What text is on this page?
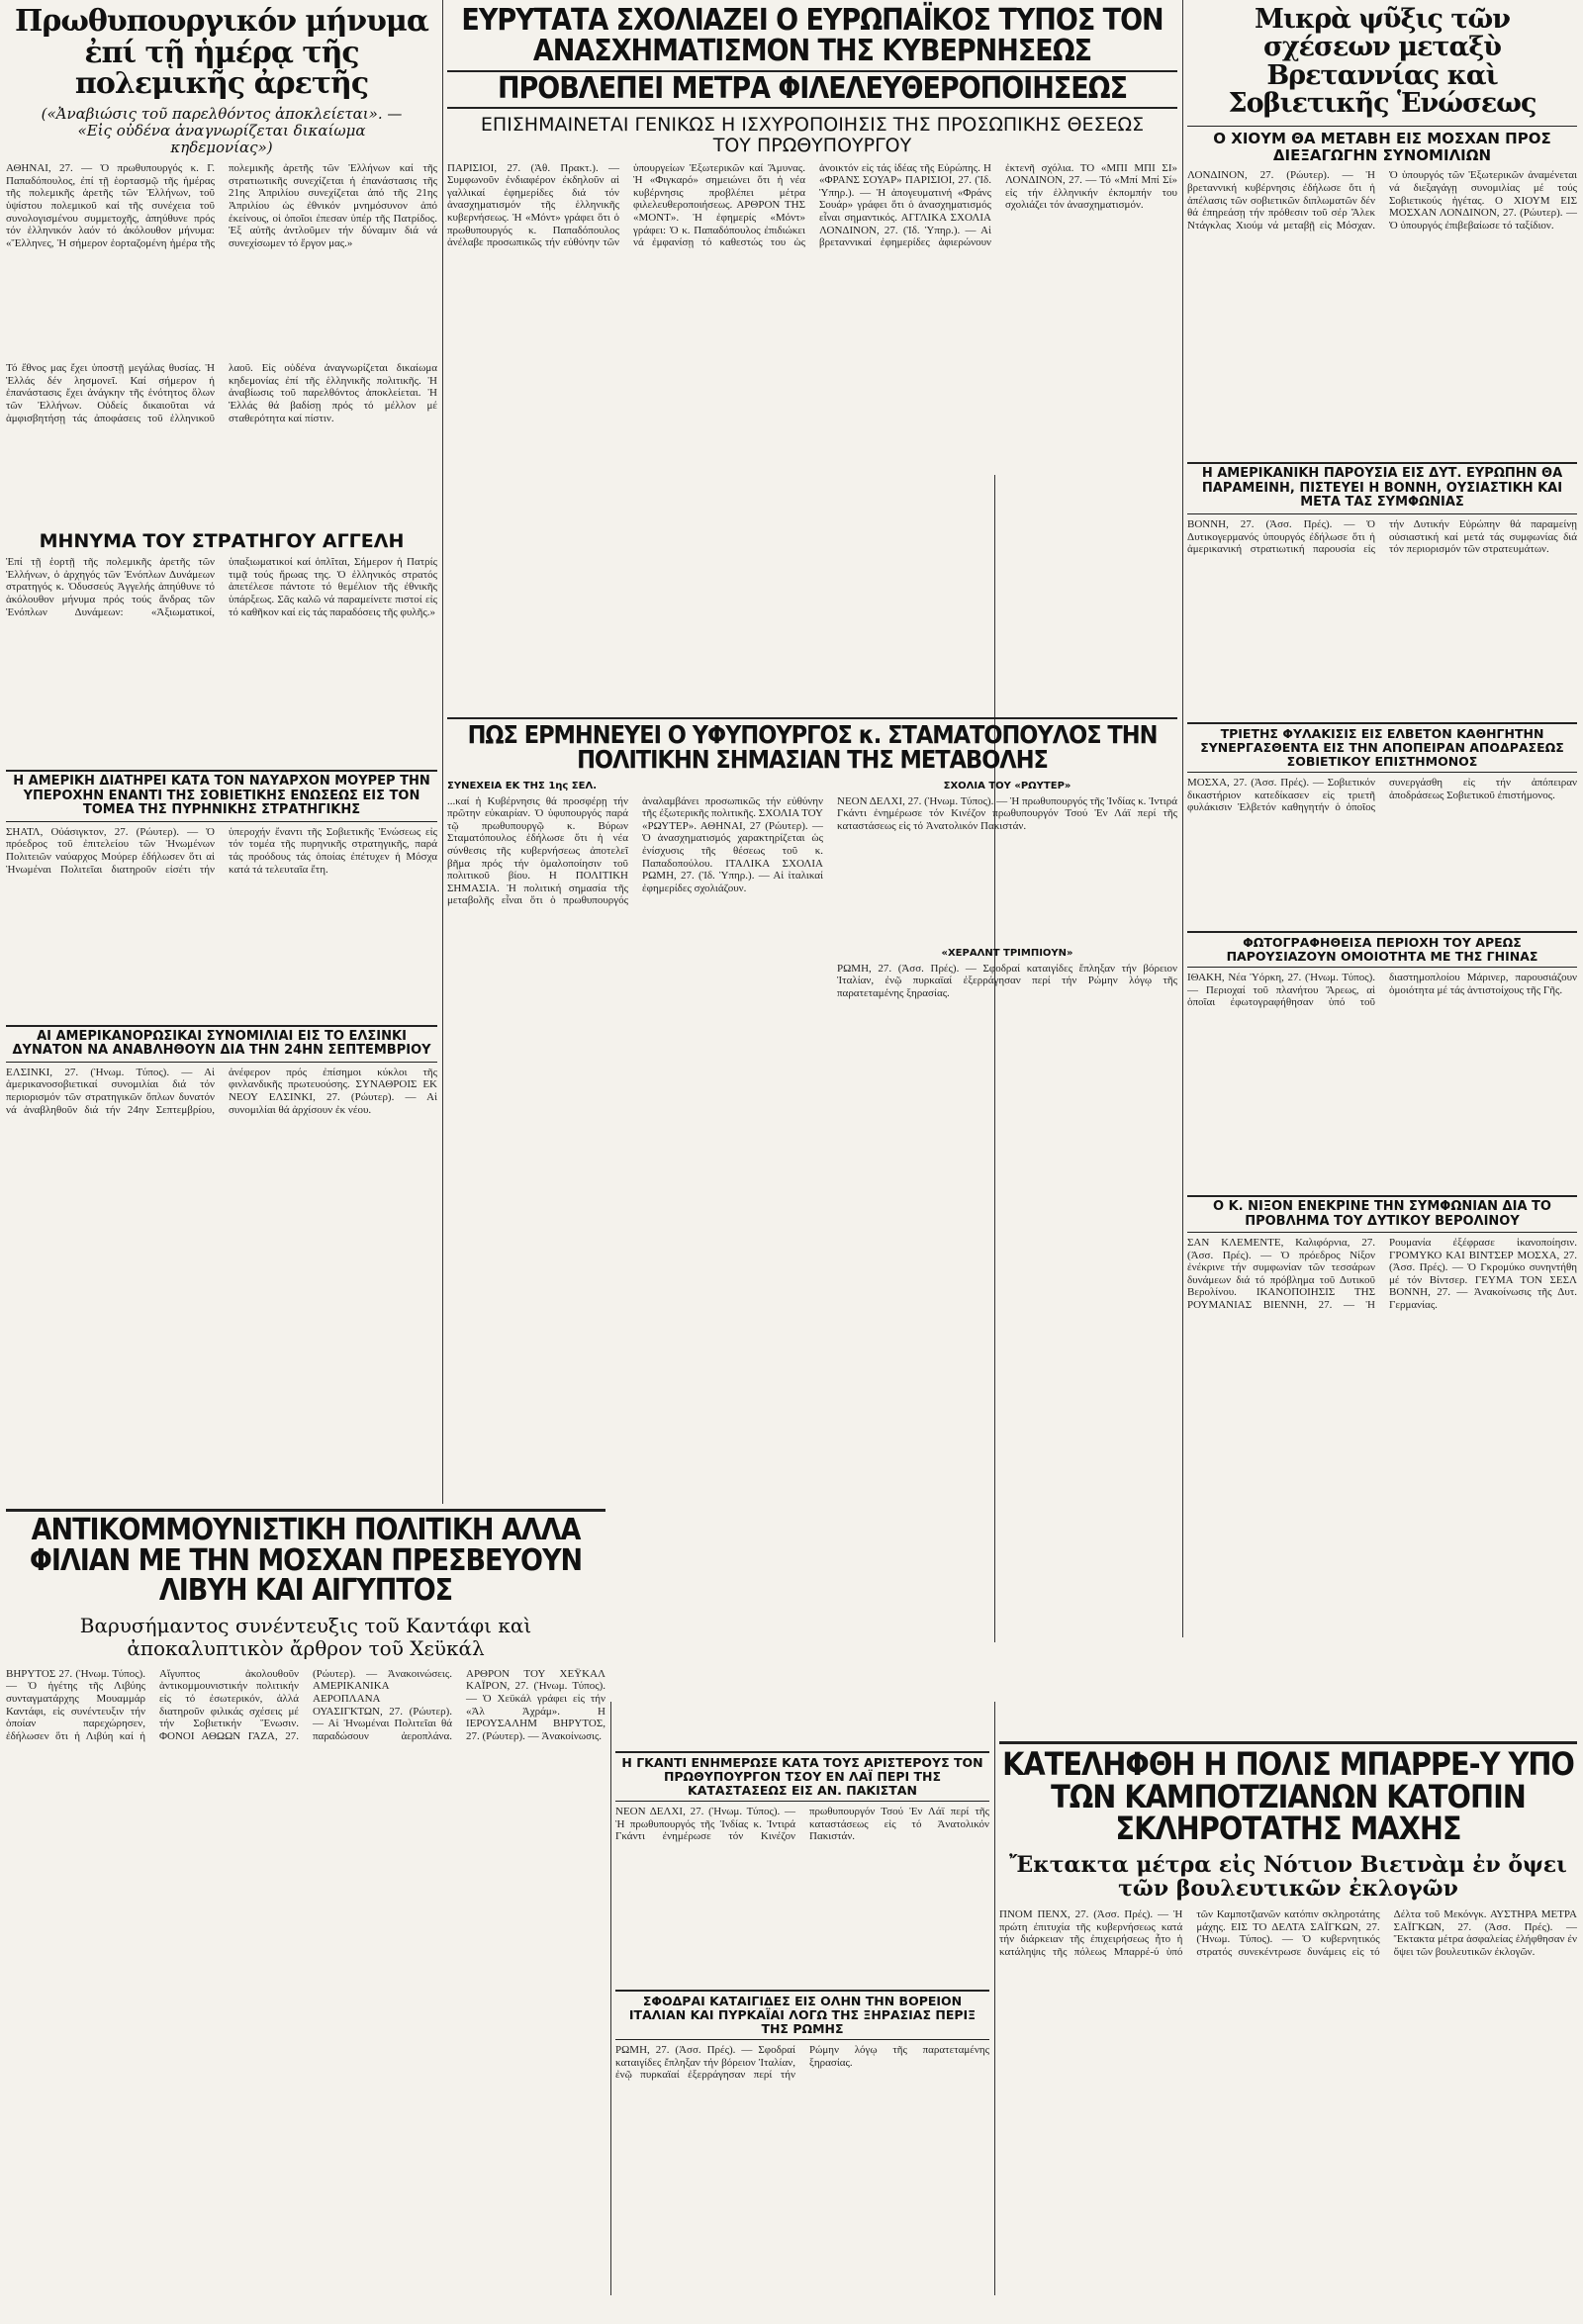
Πρωθυπουργικόν μήνυμα ἐπί τῇ ἡμέρᾳ τῆς πολεμικῆς ἀρετῆς
(«Ἀναβιώσις τοῦ παρελθόντος ἀποκλείεται». — «Εἰς οὐδένα ἀναγνωρίζεται δικαίωμα κηδεμονίας»)
ΑΘΗΝΑΙ, 27. — Ὁ πρωθυπουργός κ. Γ. Παπαδόπουλος, ἐπί τῇ ἑορτασμῷ τῆς ἡμέρας τῆς πολεμικῆς ἀρετῆς τῶν Ἑλλήνων, τοῦ ὑψίστου πολεμικοῦ καί τῆς συνέχεια τοῦ συνολογισμένου συμμετοχῆς, ἀπηύθυνε πρός τόν ἑλληνικόν λαόν τό ἀκόλουθον μήνυμα: «Ἕλληνες, Ἡ σήμερον ἑορταζομένη ἡμέρα τῆς πολεμικῆς ἀρετῆς τῶν Ἑλλήνων καί τῆς στρατιωτικῆς συνεχίζεται ἡ ἐπανάστασις τῆς 21ης Ἀπριλίου συνεχίζεται ἀπό τῆς 21ης Ἀπριλίου ὡς ἐθνικόν μνημόσυνον ἀπό ἐκείνους, οἱ ὁποῖοι ἐπεσαν ὑπέρ τῆς Πατρίδος. Ἐξ αὐτῆς ἀντλοῦμεν τήν δύναμιν διά νά συνεχίσωμεν τό ἔργον μας.»
Τό ἔθνος μας ἔχει ὑποστῇ μεγάλας θυσίας. Ἡ Ἑλλάς δέν λησμονεῖ. Καί σήμερον ἡ ἐπανάστασις ἔχει ἀνάγκην τῆς ἑνότητος ὅλων τῶν Ἑλλήνων. Οὐδείς δικαιοῦται νά ἀμφισβητήσῃ τάς ἀποφάσεις τοῦ ἑλληνικοῦ λαοῦ. Εἰς οὐδένα ἀναγνωρίζεται δικαίωμα κηδεμονίας ἐπί τῆς ἑλληνικῆς πολιτικῆς. Ἡ ἀναβίωσις τοῦ παρελθόντος ἀποκλείεται. Ἡ Ἑλλάς θά βαδίσῃ πρός τό μέλλον μέ σταθερότητα καί πίστιν.
ΜΗΝΥΜΑ ΤΟΥ ΣΤΡΑΤΗΓΟΥ ΑΓΓΕΛΗ
Ἐπί τῇ ἑορτῇ τῆς πολεμικῆς ἀρετῆς τῶν Ἑλλήνων, ὁ ἀρχηγός τῶν Ἐνόπλων Δυνάμεων στρατηγός κ. Ὀδυσσεύς Ἀγγελής ἀπηύθυνε τό ἀκόλουθον μήνυμα πρός τούς ἄνδρας τῶν Ἐνόπλων Δυνάμεων: «Ἀξιωματικοί, ὑπαξιωματικοί καί ὁπλῖται, Σήμερον ἡ Πατρίς τιμᾷ τούς ἥρωας της. Ὁ ἑλληνικός στρατός ἀπετέλεσε πάντοτε τό θεμέλιον τῆς ἐθνικῆς ὑπάρξεως. Σᾶς καλῶ νά παραμείνετε πιστοί εἰς τό καθῆκον καί εἰς τάς παραδόσεις τῆς φυλῆς.»
Η ΑΜΕΡΙΚΗ ΔΙΑΤΗΡΕΙ ΚΑΤΑ ΤΟΝ ΝΑΥΑΡΧΟΝ ΜΟΥΡΕΡ ΤΗΝ ΥΠΕΡΟΧΗΝ ΕΝΑΝΤΙ ΤΗΣ ΣΟΒΙΕΤΙΚΗΣ ΕΝΩΣΕΩΣ ΕΙΣ ΤΟΝ ΤΟΜΕΑ ΤΗΣ ΠΥΡΗΝΙΚΗΣ ΣΤΡΑΤΗΓΙΚΗΣ
ΣΗΑΤΛ, Οὐάσιγκτον, 27. (Ρώυτερ). — Ὁ πρόεδρος τοῦ ἐπιτελείου τῶν Ἡνωμένων Πολιτειῶν ναύαρχος Μούρερ ἐδήλωσεν ὅτι αἱ Ἡνωμέναι Πολιτεῖαι διατηροῦν εἰσέτι τήν ὑπεροχήν ἔναντι τῆς Σοβιετικῆς Ἑνώσεως εἰς τόν τομέα τῆς πυρηνικῆς στρατηγικῆς, παρά τάς προόδους τάς ὁποίας ἐπέτυχεν ἡ Μόσχα κατά τά τελευταῖα ἔτη.
ΑΙ ΑΜΕΡΙΚΑΝΟΡΩΣΙΚΑΙ ΣΥΝΟΜΙΛΙΑΙ ΕΙΣ ΤΟ ΕΛΣΙΝΚΙ ΔΥΝΑΤΟΝ ΝΑ ΑΝΑΒΛΗΘΟΥΝ ΔΙΑ ΤΗΝ 24ΗΝ ΣΕΠΤΕΜΒΡΙΟΥ
ΕΛΣΙΝΚΙ, 27. (Ἡνωμ. Τύπος). — Αἱ ἀμερικανοσοβιετικαί συνομιλίαι διά τόν περιορισμόν τῶν στρατηγικῶν ὅπλων δυνατόν νά ἀναβληθοῦν διά τήν 24ην Σεπτεμβρίου, ἀνέφερον πρός ἐπίσημοι κύκλοι τῆς φινλανδικῆς πρωτευούσης. ΣΥΝΑΘΡΟΙΣ ΕΚ ΝΕΟΥ ΕΛΣΙΝΚΙ, 27. (Ρώυτερ). — Αἱ συνομιλίαι θά ἀρχίσουν ἐκ νέου.
ΕΥΡΥΤΑΤΑ ΣΧΟΛΙΑΖΕΙ Ο ΕΥΡΩΠΑΪΚΟΣ ΤΥΠΟΣ ΤΟΝ ΑΝΑΣΧΗΜΑΤΙΣΜΟΝ ΤΗΣ ΚΥΒΕΡΝΗΣΕΩΣ
ΠΡΟΒΛΕΠΕΙ ΜΕΤΡΑ ΦΙΛΕΛΕΥΘΕΡΟΠΟΙΗΣΕΩΣ
ΕΠΙΣΗΜΑΙΝΕΤΑΙ ΓΕΝΙΚΩΣ Η ΙΣΧΥΡΟΠΟΙΗΣΙΣ ΤΗΣ ΠΡΟΣΩΠΙΚΗΣ ΘΕΣΕΩΣ ΤΟΥ ΠΡΩΘΥΠΟΥΡΓΟΥ
ΠΑΡΙΣΙΟΙ, 27. (Ἀθ. Πρακτ.). — Συμφωνοῦν ἐνδιαφέρον ἐκδηλοῦν αἱ γαλλικαί ἐφημερίδες διά τόν ἀνασχηματισμόν τῆς ἑλληνικῆς κυβερνήσεως. Ἡ «Μόντ» γράφει ὅτι ὁ πρωθυπουργός κ. Παπαδόπουλος ἀνέλαβε προσωπικῶς τήν εὐθύνην τῶν ὑπουργείων Ἐξωτερικῶν καί Ἄμυνας. Ἡ «Φιγκαρό» σημειώνει ὅτι ἡ νέα κυβέρνησις προβλέπει μέτρα φιλελευθεροποιήσεως. ΑΡΘΡΟΝ ΤΗΣ «ΜΟΝΤ». Ἡ ἐφημερίς «Μόντ» γράφει: Ὁ κ. Παπαδόπουλος ἐπιδιώκει νά ἐμφανίσῃ τό καθεστώς του ὡς ἀνοικτόν εἰς τάς ἰδέας τῆς Εὐρώπης. Η «ΦΡΑΝΣ ΣΟΥΑΡ» ΠΑΡΙΣΙΟΙ, 27. (Ἰδ. Ὑπηρ.). — Ἡ ἀπογευματινή «Φράνς Σουάρ» γράφει ὅτι ὁ ἀνασχηματισμός εἶναι σημαντικός. ΑΓΓΛΙΚΑ ΣΧΟΛΙΑ ΛΟΝΔΙΝΟΝ, 27. (Ἰδ. Ὑπηρ.). — Αἱ βρεταννικαί ἐφημερίδες ἀφιερώνουν ἐκτενῆ σχόλια. ΤΟ «ΜΠΙ ΜΠΙ ΣΙ» ΛΟΝΔΙΝΟΝ, 27. — Τό «Μπί Μπί Σί» εἰς τήν ἑλληνικήν ἐκπομπήν του σχολιάζει τόν ἀνασχηματισμόν.
ΠΩΣ ΕΡΜΗΝΕΥΕΙ Ο ΥΦΥΠΟΥΡΓΟΣ κ. ΣΤΑΜΑΤΟΠΟΥΛΟΣ ΤΗΝ ΠΟΛΙΤΙΚΗΝ ΣΗΜΑΣΙΑΝ ΤΗΣ ΜΕΤΑΒΟΛΗΣ
ΣΥΝΕΧΕΙΑ ΕΚ ΤΗΣ 1ης ΣΕΛ.
...καί ἡ Κυβέρνησις θά προσφέρῃ τήν πρῶτην εὐκαιρίαν. Ὁ ὑφυπουργός παρά τῷ πρωθυπουργῷ κ. Βύρων Σταματόπουλος ἐδήλωσε ὅτι ἡ νέα σύνθεσις τῆς κυβερνήσεως ἀποτελεῖ βῆμα πρός τήν ὁμαλοποίησιν τοῦ πολιτικοῦ βίου. Η ΠΟΛΙΤΙΚΗ ΣΗΜΑΣΙΑ. Ἡ πολιτική σημασία τῆς μεταβολῆς εἶναι ὅτι ὁ πρωθυπουργός ἀναλαμβάνει προσωπικῶς τήν εὐθύνην τῆς ἐξωτερικῆς πολιτικῆς. ΣΧΟΛΙΑ ΤΟΥ «ΡΩΥΤΕΡ». ΑΘΗΝΑΙ, 27 (Ρώυτερ). — Ὁ ἀνασχηματισμός χαρακτηρίζεται ὡς ἐνίσχυσις τῆς θέσεως τοῦ κ. Παπαδοπούλου. ΙΤΑΛΙΚΑ ΣΧΟΛΙΑ ΡΩΜΗ, 27. (Ἰδ. Ὑπηρ.). — Αἱ ἰταλικαί ἐφημερίδες σχολιάζουν.
ΣΧΟΛΙΑ ΤΟΥ «ΡΩΥΤΕΡ»
ΝΕΟΝ ΔΕΛΧΙ, 27. (Ἡνωμ. Τύπος). — Ἡ πρωθυπουργός τῆς Ἰνδίας κ. Ἰντιρά Γκάντι ἐνημέρωσε τόν Κινέζον πρωθυπουργόν Τσού Ἐν Λάϊ περί τῆς καταστάσεως εἰς τό Ἀνατολικόν Πακιστάν.
«ΧΕΡΑΛΝΤ ΤΡΙΜΠΙΟΥΝ»
ΡΩΜΗ, 27. (Ἀσσ. Πρές). — Σφοδραί καταιγίδες ἔπληξαν τήν βόρειον Ἰταλίαν, ἐνῷ πυρκαϊαί ἐξερράγησαν περί τήν Ρώμην λόγῳ τῆς παρατεταμένης ξηρασίας.
Μικρὰ ψῦξις τῶν σχέσεων μεταξὺ Βρεταννίας καὶ Σοβιετικῆς Ἑνώσεως
Ο ΧΙΟΥΜ ΘΑ ΜΕΤΑΒΗ ΕΙΣ ΜΟΣΧΑΝ ΠΡΟΣ ΔΙΕΞΑΓΩΓΗΝ ΣΥΝΟΜΙΛΙΩΝ
ΛΟΝΔΙΝΟΝ, 27. (Ρώυτερ). — Ἡ βρεταννική κυβέρνησις ἐδήλωσε ὅτι ἡ ἀπέλασις τῶν σοβιετικῶν διπλωματῶν δέν θά ἐπηρεάσῃ τήν πρόθεσιν τοῦ σέρ Ἄλεκ Ντάγκλας Χιούμ νά μεταβῇ εἰς Μόσχαν. Ὁ ὑπουργός τῶν Ἐξωτερικῶν ἀναμένεται νά διεξαγάγῃ συνομιλίας μέ τούς Σοβιετικούς ἡγέτας. Ο ΧΙΟΥΜ ΕΙΣ ΜΟΣΧΑΝ ΛΟΝΔΙΝΟΝ, 27. (Ρώυτερ). — Ὁ ὑπουργός ἐπιβεβαίωσε τό ταξίδιον.
Η ΑΜΕΡΙΚΑΝΙΚΗ ΠΑΡΟΥΣΙΑ ΕΙΣ ΔΥΤ. ΕΥΡΩΠΗΝ ΘΑ ΠΑΡΑΜΕΙΝΗ, ΠΙΣΤΕΥΕΙ Η ΒΟΝΝΗ, ΟΥΣΙΑΣΤΙΚΗ ΚΑΙ ΜΕΤΑ ΤΑΣ ΣΥΜΦΩΝΙΑΣ
ΒΟΝΝΗ, 27. (Ἀσσ. Πρές). — Ὁ Δυτικογερμανός ὑπουργός ἐδήλωσε ὅτι ἡ ἀμερικανική στρατιωτική παρουσία εἰς τήν Δυτικήν Εὐρώπην θά παραμείνῃ οὐσιαστική καί μετά τάς συμφωνίας διά τόν περιορισμόν τῶν στρατευμάτων.
ΤΡΙΕΤΗΣ ΦΥΛΑΚΙΣΙΣ ΕΙΣ ΕΛΒΕΤΟΝ ΚΑΘΗΓΗΤΗΝ ΣΥΝΕΡΓΑΣΘΕΝΤΑ ΕΙΣ ΤΗΝ ΑΠΟΠΕΙΡΑΝ ΑΠΟΔΡΑΣΕΩΣ ΣΟΒΙΕΤΙΚΟΥ ΕΠΙΣΤΗΜΟΝΟΣ
ΜΟΣΧΑ, 27. (Ἀσσ. Πρές). — Σοβιετικόν δικαστήριον κατεδίκασεν εἰς τριετῆ φυλάκισιν Ἐλβετόν καθηγητήν ὁ ὁποῖος συνεργάσθη εἰς τήν ἀπόπειραν ἀποδράσεως Σοβιετικοῦ ἐπιστήμονος.
ΦΩΤΟΓΡΑΦΗΘΕΙΣΑ ΠΕΡΙΟΧΗ ΤΟΥ ΑΡΕΩΣ ΠΑΡΟΥΣΙΑΖΟΥΝ ΟΜΟΙΟΤΗΤΑ ΜΕ ΤΗΣ ΓΗΙΝΑΣ
ΙΘΑΚΗ, Νέα Ὑόρκη, 27. (Ἡνωμ. Τύπος). — Περιοχαί τοῦ πλανήτου Ἄρεως, αἱ ὁποῖαι ἐφωτογραφήθησαν ὑπό τοῦ διαστημοπλοίου Μάρινερ, παρουσιάζουν ὁμοιότητα μέ τάς ἀντιστοίχους τῆς Γῆς.
Ο Κ. ΝΙΞΟΝ ΕΝΕΚΡΙΝΕ ΤΗΝ ΣΥΜΦΩΝΙΑΝ ΔΙΑ ΤΟ ΠΡΟΒΛΗΜΑ ΤΟΥ ΔΥΤΙΚΟΥ ΒΕΡΟΛΙΝΟΥ
ΣΑΝ ΚΛΕΜΕΝΤΕ, Καλιφόρνια, 27. (Ἀσσ. Πρές). — Ὁ πρόεδρος Νίξον ἐνέκρινε τήν συμφωνίαν τῶν τεσσάρων δυνάμεων διά τό πρόβλημα τοῦ Δυτικοῦ Βερολίνου. ΙΚΑΝΟΠΟΙΗΣΙΣ ΤΗΣ ΡΟΥΜΑΝΙΑΣ ΒΙΕΝΝΗ, 27. — Ἡ Ρουμανία ἐξέφρασε ἱκανοποίησιν. ΓΡΟΜΥΚΟ ΚΑΙ ΒΙΝΤΣΕΡ ΜΟΣΧΑ, 27. (Ἀσσ. Πρές). — Ὁ Γκρομύκο συνηντήθη μέ τόν Βίντσερ. ΓΕΥΜΑ ΤΟΝ ΣΕΣΛ ΒΟΝΝΗ, 27. — Ἀνακοίνωσις τῆς Δυτ. Γερμανίας.
ΑΝΤΙΚΟΜΜΟΥΝΙΣΤΙΚΗ ΠΟΛΙΤΙΚΗ ΑΛΛΑ ΦΙΛΙΑΝ ΜΕ ΤΗΝ ΜΟΣΧΑΝ ΠΡΕΣΒΕΥΟΥΝ ΛΙΒΥΗ ΚΑΙ ΑΙΓΥΠΤΟΣ
Βαρυσήμαντος συνέντευξις τοῦ Καντάφι καὶ ἀποκαλυπτικὸν ἄρθρον τοῦ Χεϋκάλ
ΒΗΡΥΤΟΣ 27. (Ἡνωμ. Τύπος). — Ὁ ἡγέτης τῆς Λιβύης συνταγματάρχης Μουαμμάρ Καντάφι, εἰς συνέντευξιν τήν ὁποίαν παρεχώρησεν, ἐδήλωσεν ὅτι ἡ Λιβύη καί ἡ Αἴγυπτος ἀκολουθοῦν ἀντικομμουνιστικήν πολιτικήν εἰς τό ἐσωτερικόν, ἀλλά διατηροῦν φιλικάς σχέσεις μέ τήν Σοβιετικήν Ἕνωσιν. ΦΟΝΟΙ ΑΘΩΩΝ ΓΑΖΑ, 27. (Ρώυτερ). — Ἀνακοινώσεις. ΑΜΕΡΙΚΑΝΙΚΑ ΑΕΡΟΠΛΑΝΑ ΟΥΑΣΙΓΚΤΩΝ, 27. (Ρώυτερ). — Αἱ Ἡνωμέναι Πολιτεῖαι θά παραδώσουν ἀεροπλάνα. ΑΡΘΡΟΝ ΤΟΥ ΧΕΫΚΑΛ ΚΑΪΡΟΝ, 27. (Ἡνωμ. Τύπος). — Ὁ Χεϋκάλ γράφει εἰς τήν «Ἀλ Ἀχράμ». Η ΙΕΡΟΥΣΑΛΗΜ ΒΗΡΥΤΟΣ, 27. (Ρώυτερ). — Ἀνακοίνωσις.
ΚΑΤΕΛΗΦΘΗ Η ΠΟΛΙΣ ΜΠΑΡΡΕ-Υ ΥΠΟ ΤΩΝ ΚΑΜΠΟΤΖΙΑΝΩΝ ΚΑΤΟΠΙΝ ΣΚΛΗΡΟΤΑΤΗΣ ΜΑΧΗΣ
Ἔκτακτα μέτρα εἰς Νότιον Βιετνὰμ ἐν ὄψει τῶν βουλευτικῶν ἐκλογῶν
ΠΝΟΜ ΠΕΝΧ, 27. (Ἀσσ. Πρές). — Ἡ πρώτη ἐπιτυχία τῆς κυβερνήσεως κατά τήν διάρκειαν τῆς ἐπιχειρήσεως ἦτο ἡ κατάληψις τῆς πόλεως Μπαρρέ-ύ ὑπό τῶν Καμποτζιανῶν κατόπιν σκληροτάτης μάχης. ΕΙΣ ΤΟ ΔΕΛΤΑ ΣΑΪΓΚΩΝ, 27. (Ἡνωμ. Τύπος). — Ὁ κυβερνητικός στρατός συνεκέντρωσε δυνάμεις εἰς τό Δέλτα τοῦ Μεκόνγκ. ΑΥΣΤΗΡΑ ΜΕΤΡΑ ΣΑΪΓΚΩΝ, 27. (Ἀσσ. Πρές). — Ἔκτακτα μέτρα ἀσφαλείας ἐλήφθησαν ἐν ὄψει τῶν βουλευτικῶν ἐκλογῶν.
Η ΓΚΑΝΤΙ ΕΝΗΜΕΡΩΣΕ ΚΑΤΑ ΤΟΥΣ ΑΡΙΣΤΕΡΟΥΣ ΤΟΝ ΠΡΩΘΥΠΟΥΡΓΟΝ ΤΣΟΥ ΕΝ ΛΑΪ ΠΕΡΙ ΤΗΣ ΚΑΤΑΣΤΑΣΕΩΣ ΕΙΣ ΑΝ. ΠΑΚΙΣΤΑΝ
ΝΕΟΝ ΔΕΛΧΙ, 27. (Ἡνωμ. Τύπος). — Ἡ πρωθυπουργός τῆς Ἰνδίας κ. Ἰντιρά Γκάντι ἐνημέρωσε τόν Κινέζον πρωθυπουργόν Τσού Ἐν Λάϊ περί τῆς καταστάσεως εἰς τό Ἀνατολικόν Πακιστάν.
ΣΦΟΔΡΑΙ ΚΑΤΑΙΓΙΔΕΣ ΕΙΣ ΟΛΗΝ ΤΗΝ ΒΟΡΕΙΟΝ ΙΤΑΛΙΑΝ ΚΑΙ ΠΥΡΚΑΪΑΙ ΛΟΓΩ ΤΗΣ ΞΗΡΑΣΙΑΣ ΠΕΡΙΞ ΤΗΣ ΡΩΜΗΣ
ΡΩΜΗ, 27. (Ἀσσ. Πρές). — Σφοδραί καταιγίδες ἔπληξαν τήν βόρειον Ἰταλίαν, ἐνῷ πυρκαϊαί ἐξερράγησαν περί τήν Ρώμην λόγῳ τῆς παρατεταμένης ξηρασίας.
